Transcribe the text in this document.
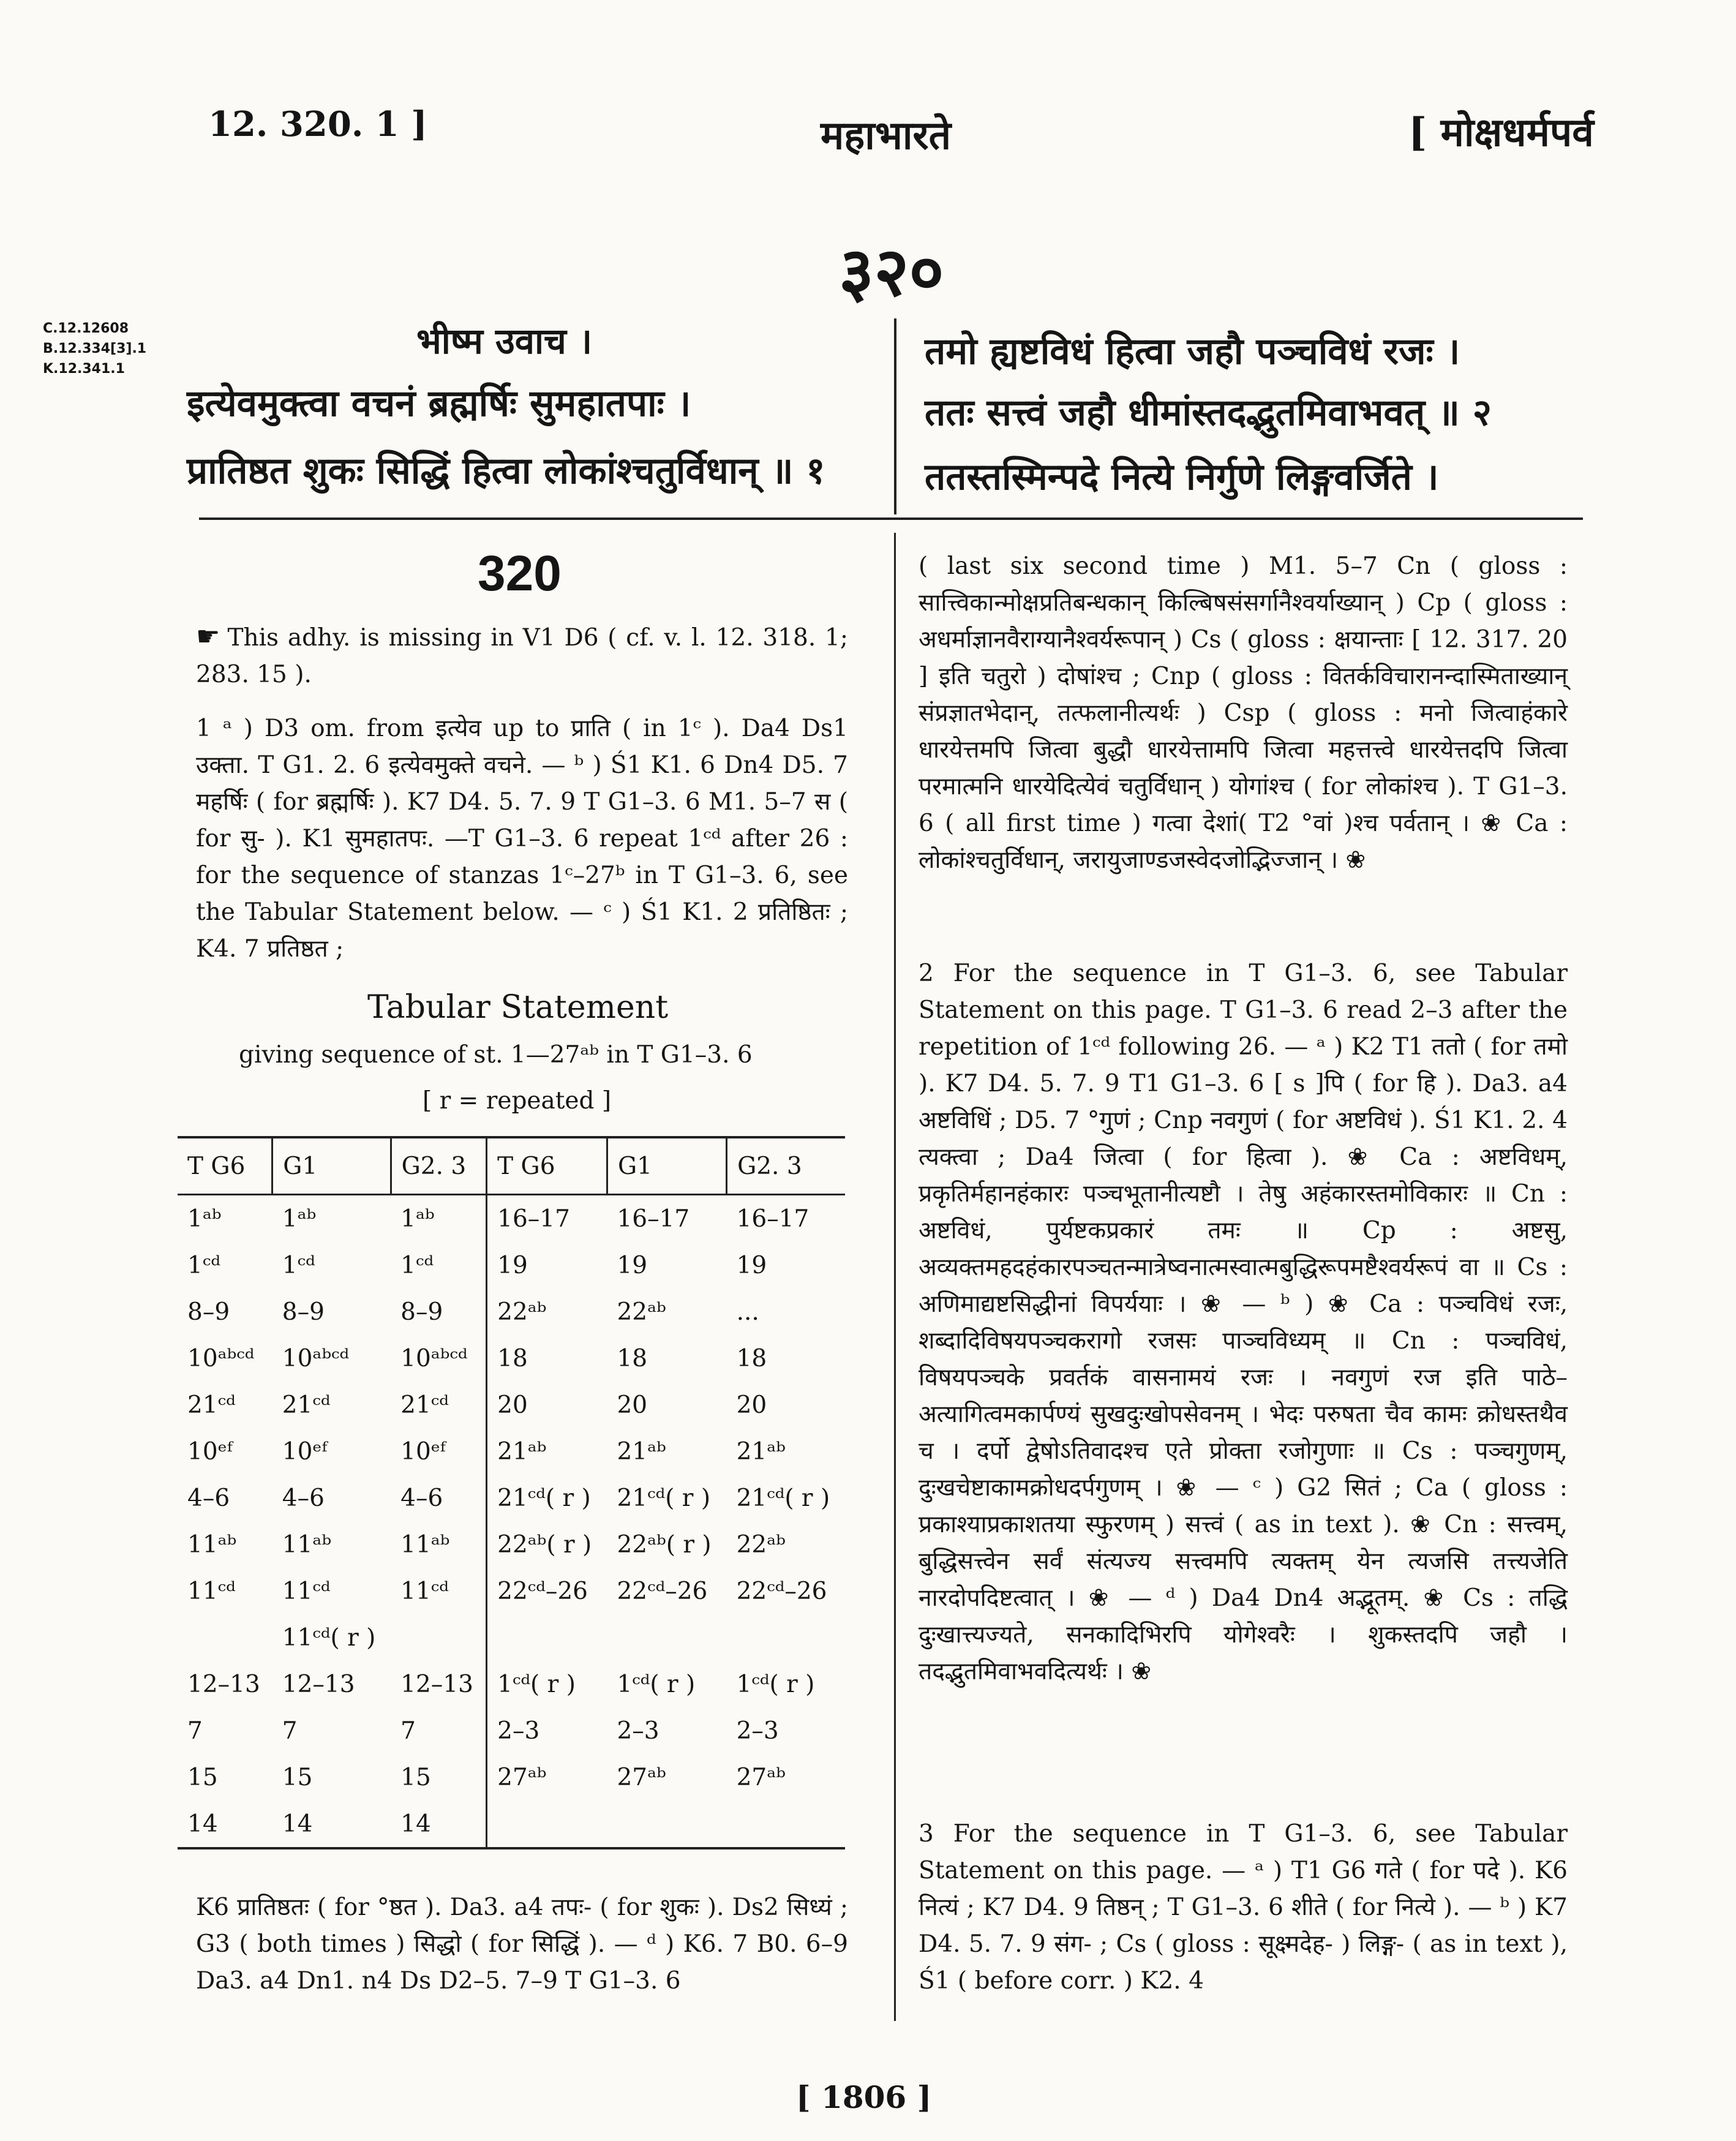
12. 320. 1 ]	महाभारते	[ मोक्षधर्मपर्व
३२०
C.12.12608
B.12.334[3].1
K.12.341.1
भीष्म उवाच ।
इत्येवमुक्त्वा वचनं ब्रह्मर्षिः सुमहातपाः ।
प्रातिष्ठत शुकः सिद्धिं हित्वा लोकांश्चतुर्विधान् ॥ १
तमो ह्यष्टविधं हित्वा जहौ पञ्चविधं रजः ।
ततः सत्त्वं जहौ धीमांस्तदद्भुतमिवाभवत् ॥ २
ततस्तस्मिन्पदे नित्ये निर्गुणे लिङ्गवर्जिते ।
320
☛ This adhy. is missing in V1 D6 ( cf. v. l. 12. 318. 1; 283. 15 ).
1 ᵃ ) D3 om. from इत्येव up to प्राति ( in 1ᶜ ). Da4 Ds1 उक्ता. T G1. 2. 6 इत्येवमुक्ते वचने. — ᵇ ) Ś1 K1. 6 Dn4 D5. 7 महर्षिः ( for ब्रह्मर्षिः ). K7 D4. 5. 7. 9 T G1–3. 6 M1. 5–7 स ( for सु- ). K1 सुमहातपः. —T G1–3. 6 repeat 1ᶜᵈ after 26 : for the sequence of stanzas 1ᶜ–27ᵇ in T G1–3. 6, see the Tabular Statement below. — ᶜ ) Ś1 K1. 2 प्रतिष्ठितः ; K4. 7 प्रतिष्ठत ;
Tabular Statement
giving sequence of st. 1—27ᵃᵇ in T G1–3. 6
[ r = repeated ]
T G6	G1	G2. 3	T G6	G1	G2. 3
1ᵃᵇ	1ᵃᵇ	1ᵃᵇ	16–17	16–17	16–17
1ᶜᵈ	1ᶜᵈ	1ᶜᵈ	19	19	19
8–9	8–9	8–9	22ᵃᵇ	22ᵃᵇ	...
10ᵃᵇᶜᵈ	10ᵃᵇᶜᵈ	10ᵃᵇᶜᵈ	18	18	18
21ᶜᵈ	21ᶜᵈ	21ᶜᵈ	20	20	20
10ᵉᶠ	10ᵉᶠ	10ᵉᶠ	21ᵃᵇ	21ᵃᵇ	21ᵃᵇ
4–6	4–6	4–6	21ᶜᵈ( r )	21ᶜᵈ( r )	21ᶜᵈ( r )
11ᵃᵇ	11ᵃᵇ	11ᵃᵇ	22ᵃᵇ( r )	22ᵃᵇ( r )	22ᵃᵇ
11ᶜᵈ	11ᶜᵈ	11ᶜᵈ	22ᶜᵈ–26	22ᶜᵈ–26	22ᶜᵈ–26
	11ᶜᵈ( r )				
12–13	12–13	12–13	1ᶜᵈ( r )	1ᶜᵈ( r )	1ᶜᵈ( r )
7	7	7	2–3	2–3	2–3
15	15	15	27ᵃᵇ	27ᵃᵇ	27ᵃᵇ
14	14	14			
K6 प्रातिष्ठतः ( for °ष्ठत ). Da3. a4 तपः- ( for शुकः ). Ds2 सिध्यं ; G3 ( both times ) सिद्धो ( for सिद्धिं ). — ᵈ ) K6. 7 B0. 6–9 Da3. a4 Dn1. n4 Ds D2–5. 7–9 T G1–3. 6
( last six second time ) M1. 5–7 Cn ( gloss : सात्त्विकान्मोक्षप्रतिबन्धकान् किल्बिषसंसर्गानैश्वर्याख्यान् ) Cp ( gloss : अधर्माज्ञानवैराग्यानैश्वर्यरूपान् ) Cs ( gloss : क्षयान्ताः [ 12. 317. 20 ] इति चतुरो ) दोषांश्च ; Cnp ( gloss : वितर्कविचारानन्दास्मिताख्यान् संप्रज्ञातभेदान्, तत्फलानीत्यर्थः ) Csp ( gloss : मनो जित्वाहंकारे धारयेत्तमपि जित्वा बुद्धौ धारयेत्तामपि जित्वा महत्तत्त्वे धारयेत्तदपि जित्वा परमात्मनि धारयेदित्येवं चतुर्विधान् ) योगांश्च ( for लोकांश्च ). T G1–3. 6 ( all first time ) गत्वा देशां( T2 °वां )श्च पर्वतान् । ❀ Ca : लोकांश्चतुर्विधान्, जरायुजाण्डजस्वेदजोद्भिज्जान् । ❀
2 For the sequence in T G1–3. 6, see Tabular Statement on this page. T G1–3. 6 read 2–3 after the repetition of 1ᶜᵈ following 26. — ᵃ ) K2 T1 ततो ( for तमो ). K7 D4. 5. 7. 9 T1 G1–3. 6 [ s ]पि ( for हि ). Da3. a4 अष्टविधिं ; D5. 7 °गुणं ; Cnp नवगुणं ( for अष्टविधं ). Ś1 K1. 2. 4 त्यक्त्वा ; Da4 जित्वा ( for हित्वा ). ❀ Ca : अष्टविधम्, प्रकृतिर्महानहंकारः पञ्चभूतानीत्यष्टौ । तेषु अहंकारस्तमोविकारः ॥ Cn : अष्टविधं, पुर्यष्टकप्रकारं तमः ॥ Cp : अष्टसु, अव्यक्तमहदहंकारपञ्चतन्मात्रेष्वनात्मस्वात्मबुद्धिरूपमष्टैश्वर्यरूपं वा ॥ Cs : अणिमाद्यष्टसिद्धीनां विपर्ययाः । ❀ — ᵇ ) ❀ Ca : पञ्चविधं रजः, शब्दादिविषयपञ्चकरागो रजसः पाञ्चविध्यम् ॥ Cn : पञ्चविधं, विषयपञ्चके प्रवर्तकं वासनामयं रजः । नवगुणं रज इति पाठे–अत्यागित्वमकार्पण्यं सुखदुःखोपसेवनम् । भेदः परुषता चैव कामः क्रोधस्तथैव च । दर्पो द्वेषोऽतिवादश्च एते प्रोक्ता रजोगुणाः ॥ Cs : पञ्चगुणम्, दुःखचेष्टाकामक्रोधदर्पगुणम् । ❀ — ᶜ ) G2 सितं ; Ca ( gloss : प्रकाश्याप्रकाशतया स्फुरणम् ) सत्त्वं ( as in text ). ❀ Cn : सत्त्वम्, बुद्धिसत्त्वेन सर्वं संत्यज्य सत्त्वमपि त्यक्तम् येन त्यजसि तत्त्यजेति नारदोपदिष्टत्वात् । ❀ — ᵈ ) Da4 Dn4 अद्भूतम्. ❀ Cs : तद्धि दुःखात्त्यज्यते, सनकादिभिरपि योगेश्वरैः । शुकस्तदपि जहौ । तदद्भुतमिवाभवदित्यर्थः । ❀
3 For the sequence in T G1–3. 6, see Tabular Statement on this page. — ᵃ ) T1 G6 गते ( for पदे ). K6 नित्यं ; K7 D4. 9 तिष्ठन् ; T G1–3. 6 शीते ( for नित्ये ). — ᵇ ) K7 D4. 5. 7. 9 संग- ; Cs ( gloss : सूक्ष्मदेह- ) लिङ्ग- ( as in text ), Ś1 ( before corr. ) K2. 4
[ 1806 ]
